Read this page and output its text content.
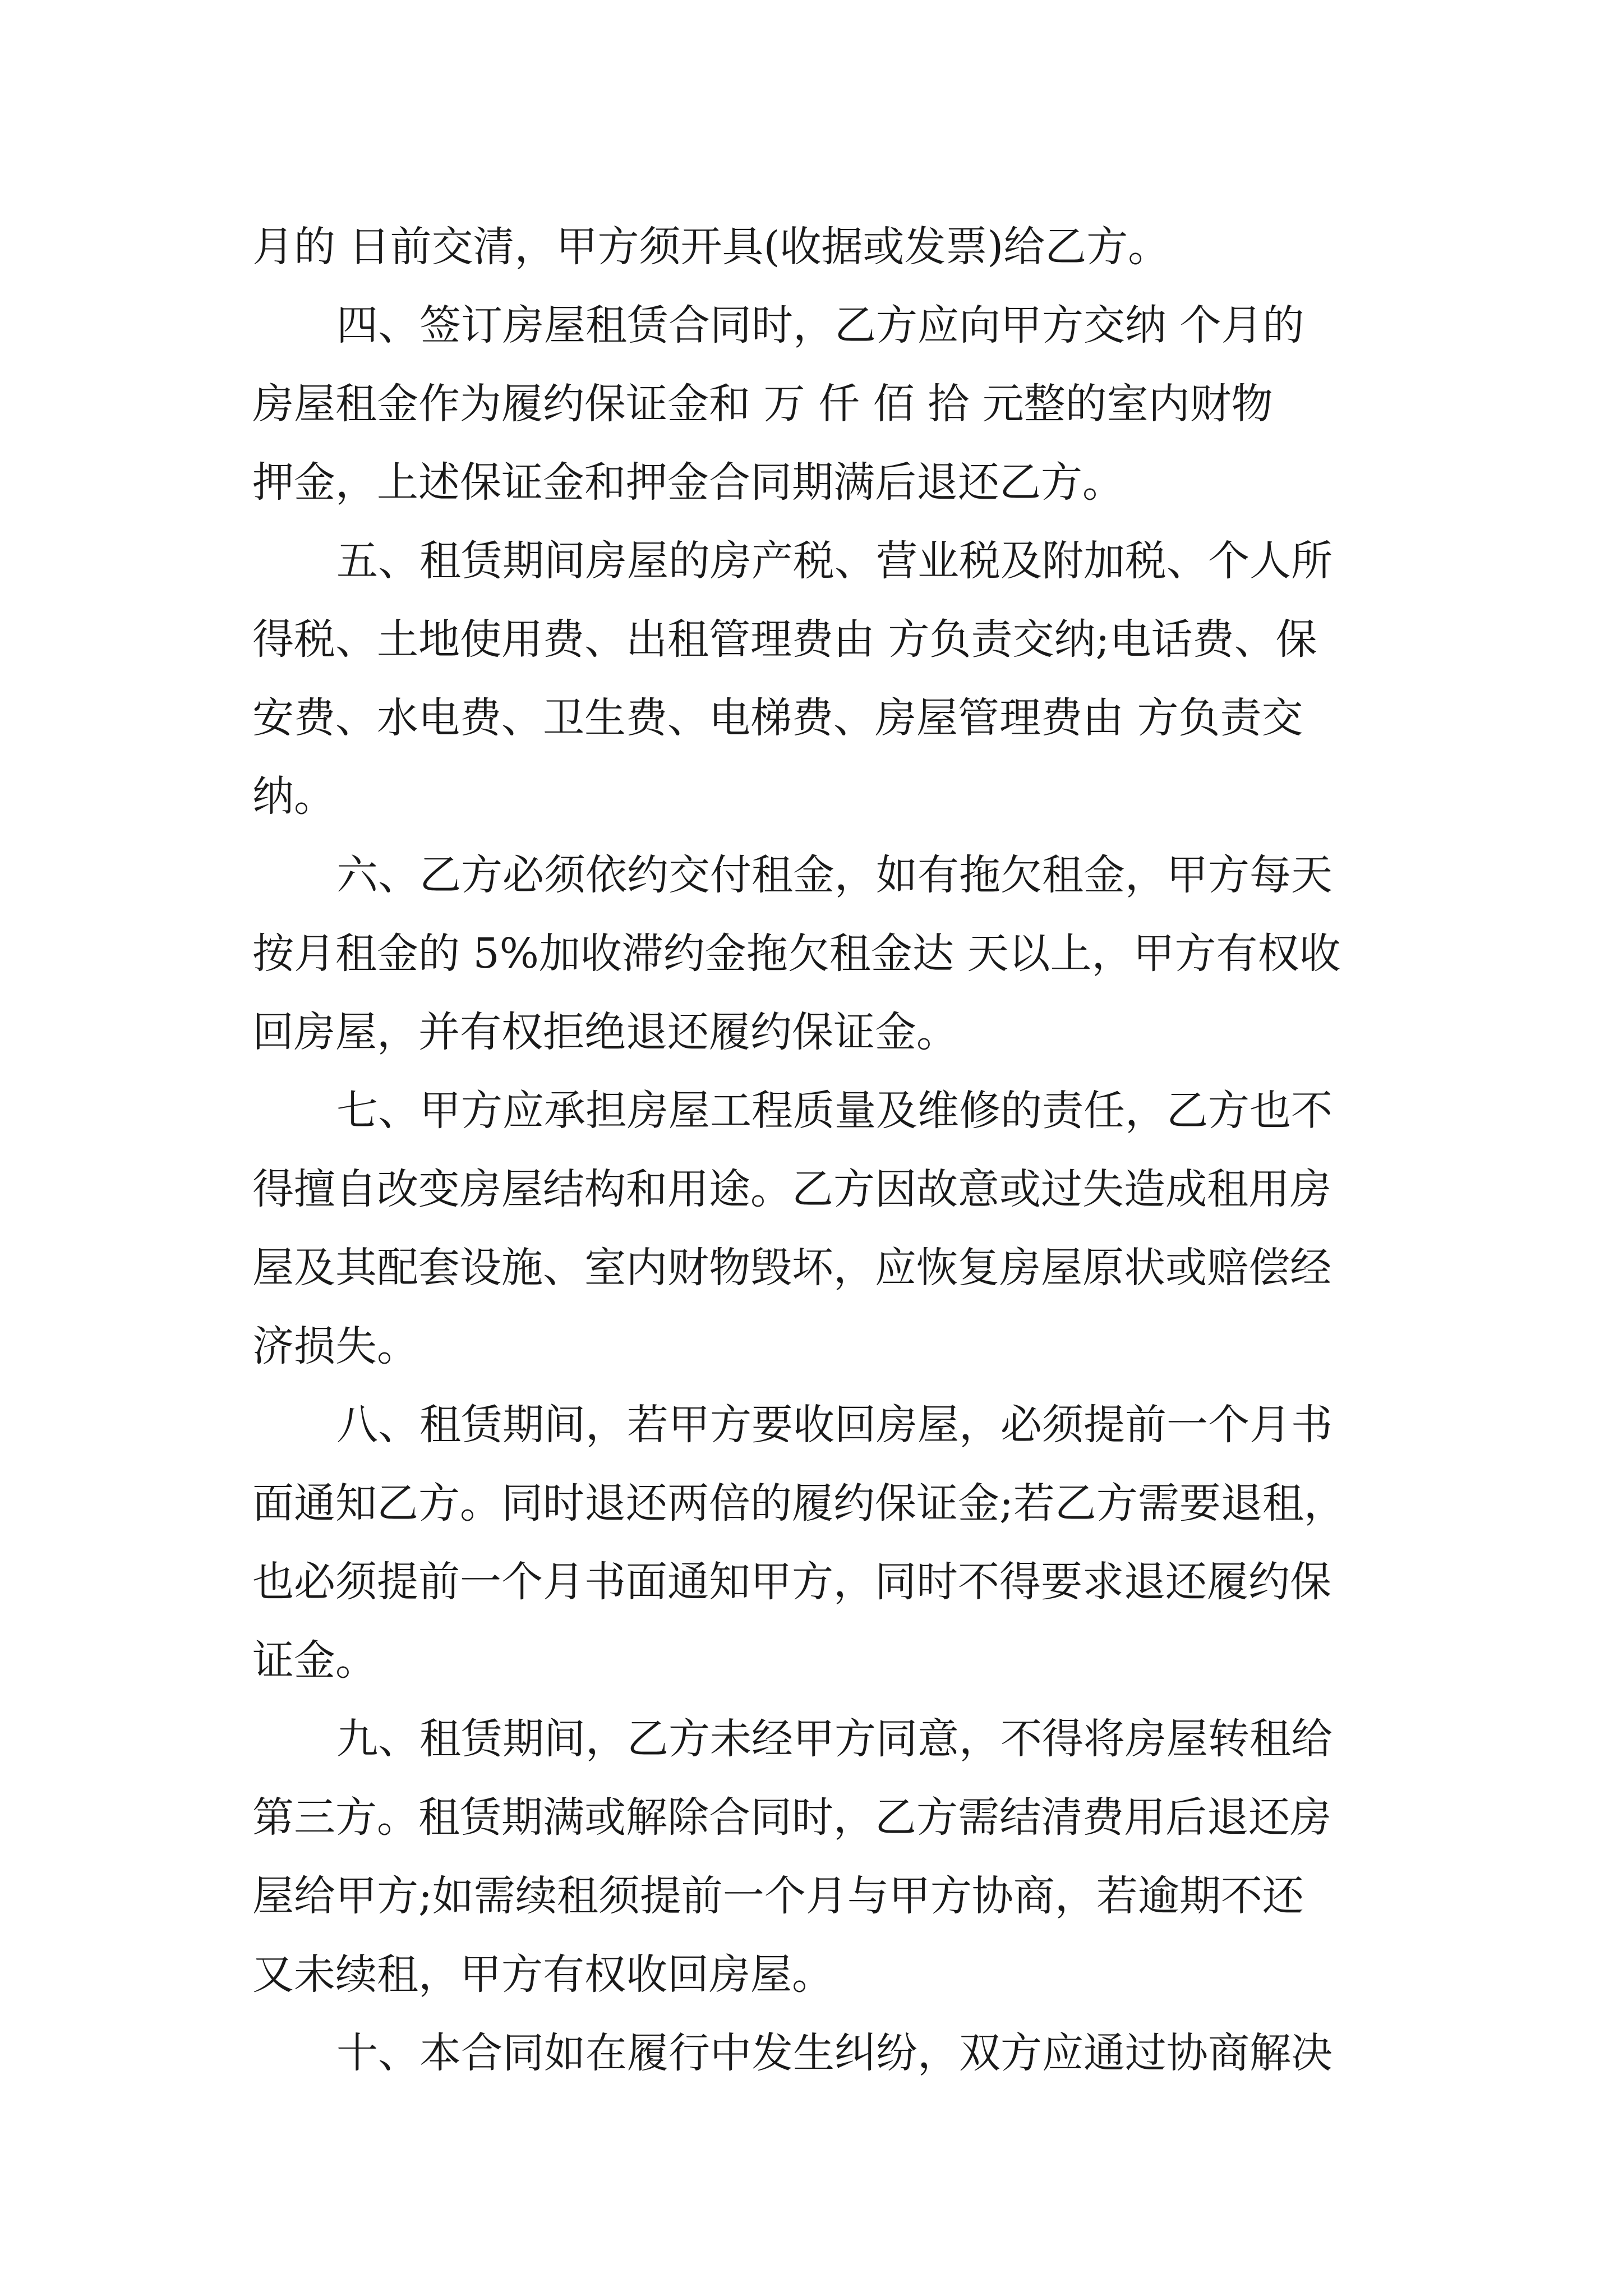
月的 日前交清，甲方须开具(收据或发票)给乙方。
四、签订房屋租赁合同时，乙方应向甲方交纳 个月的
房屋租金作为履约保证金和 万 仟 佰 拾 元整的室内财物
押金，上述保证金和押金合同期满后退还乙方。
五、租赁期间房屋的房产税、营业税及附加税、个人所
得税、土地使用费、出租管理费由 方负责交纳;电话费、保
安费、水电费、卫生费、电梯费、房屋管理费由 方负责交
纳。
六、乙方必须依约交付租金，如有拖欠租金，甲方每天
按月租金的 5%加收滞约金拖欠租金达 天以上，甲方有权收
回房屋，并有权拒绝退还履约保证金。
七、甲方应承担房屋工程质量及维修的责任，乙方也不
得擅自改变房屋结构和用途。乙方因故意或过失造成租用房
屋及其配套设施、室内财物毁坏，应恢复房屋原状或赔偿经
济损失。
八、租赁期间，若甲方要收回房屋，必须提前一个月书
面通知乙方。同时退还两倍的履约保证金;若乙方需要退租，
也必须提前一个月书面通知甲方，同时不得要求退还履约保
证金。
九、租赁期间，乙方未经甲方同意，不得将房屋转租给
第三方。租赁期满或解除合同时，乙方需结清费用后退还房
屋给甲方;如需续租须提前一个月与甲方协商，若逾期不还
又未续租，甲方有权收回房屋。
十、本合同如在履行中发生纠纷，双方应通过协商解决
